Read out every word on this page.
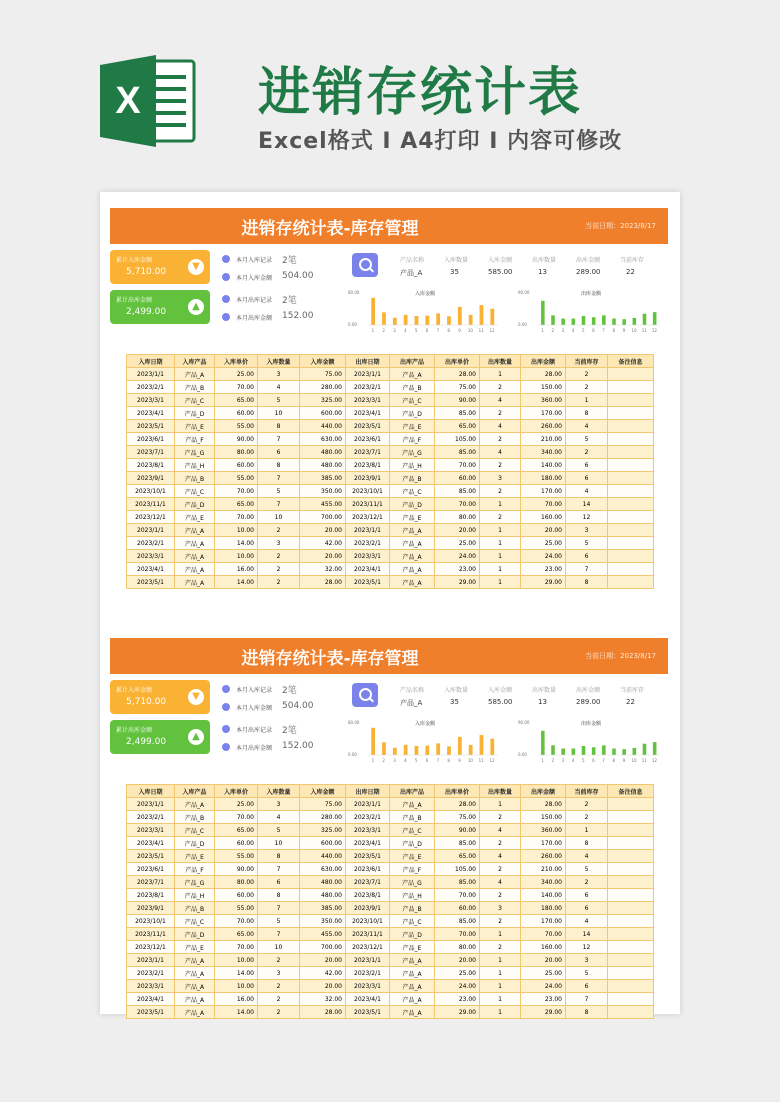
X 进销存统计表
Excel格式 I A4打印 I 内容可修改
进销存统计表-库存管理	当前日期：2023/8/17
累计入库金额
5,710.00	▼
累计出库金额
2,499.00	▲
本月入库记录 2笔
本月入库金额 504.00
本月出库记录 2笔
本月出库金额 152.00
产品名称	入库数量	入库金额	出库数量	出库金额	当前库存
产品_A	35	585.00	13	289.00	22
入库金额
80.00
0.00
1 2 3 4 5 6 7 8 9 10 11 12
出库金额
90.00
0.00
1 2 3 4 5 6 7 8 9 10 11 12
入库日期	入库产品	入库单价	入库数量	入库金额	出库日期	出库产品	出库单价	出库数量	出库金额	当前库存	备注信息
2023/1/1	产品_A	25.00	3	75.00	2023/1/1	产品_A	28.00	1	28.00	2	
2023/2/1	产品_B	70.00	4	280.00	2023/2/1	产品_B	75.00	2	150.00	2	
2023/3/1	产品_C	65.00	5	325.00	2023/3/1	产品_C	90.00	4	360.00	1	
2023/4/1	产品_D	60.00	10	600.00	2023/4/1	产品_D	85.00	2	170.00	8	
2023/5/1	产品_E	55.00	8	440.00	2023/5/1	产品_E	65.00	4	260.00	4	
2023/6/1	产品_F	90.00	7	630.00	2023/6/1	产品_F	105.00	2	210.00	5	
2023/7/1	产品_G	80.00	6	480.00	2023/7/1	产品_G	85.00	4	340.00	2	
2023/8/1	产品_H	60.00	8	480.00	2023/8/1	产品_H	70.00	2	140.00	6	
2023/9/1	产品_B	55.00	7	385.00	2023/9/1	产品_B	60.00	3	180.00	6	
2023/10/1	产品_C	70.00	5	350.00	2023/10/1	产品_C	85.00	2	170.00	4	
2023/11/1	产品_D	65.00	7	455.00	2023/11/1	产品_D	70.00	1	70.00	14	
2023/12/1	产品_E	70.00	10	700.00	2023/12/1	产品_E	80.00	2	160.00	12	
2023/1/1	产品_A	10.00	2	20.00	2023/1/1	产品_A	20.00	1	20.00	3	
2023/2/1	产品_A	14.00	3	42.00	2023/2/1	产品_A	25.00	1	25.00	5	
2023/3/1	产品_A	10.00	2	20.00	2023/3/1	产品_A	24.00	1	24.00	6	
2023/4/1	产品_A	16.00	2	32.00	2023/4/1	产品_A	23.00	1	23.00	7	
2023/5/1	产品_A	14.00	2	28.00	2023/5/1	产品_A	29.00	1	29.00	8	
进销存统计表-库存管理	当前日期：2023/8/17
累计入库金额
5,710.00	▼
累计出库金额
2,499.00	▲
本月入库记录 2笔
本月入库金额 504.00
本月出库记录 2笔
本月出库金额 152.00
产品名称	入库数量	入库金额	出库数量	出库金额	当前库存
产品_A	35	585.00	13	289.00	22
入库金额
80.00
0.00
1 2 3 4 5 6 7 8 9 10 11 12
出库金额
90.00
0.00
1 2 3 4 5 6 7 8 9 10 11 12
入库日期	入库产品	入库单价	入库数量	入库金额	出库日期	出库产品	出库单价	出库数量	出库金额	当前库存	备注信息
2023/1/1	产品_A	25.00	3	75.00	2023/1/1	产品_A	28.00	1	28.00	2	
2023/2/1	产品_B	70.00	4	280.00	2023/2/1	产品_B	75.00	2	150.00	2	
2023/3/1	产品_C	65.00	5	325.00	2023/3/1	产品_C	90.00	4	360.00	1	
2023/4/1	产品_D	60.00	10	600.00	2023/4/1	产品_D	85.00	2	170.00	8	
2023/5/1	产品_E	55.00	8	440.00	2023/5/1	产品_E	65.00	4	260.00	4	
2023/6/1	产品_F	90.00	7	630.00	2023/6/1	产品_F	105.00	2	210.00	5	
2023/7/1	产品_G	80.00	6	480.00	2023/7/1	产品_G	85.00	4	340.00	2	
2023/8/1	产品_H	60.00	8	480.00	2023/8/1	产品_H	70.00	2	140.00	6	
2023/9/1	产品_B	55.00	7	385.00	2023/9/1	产品_B	60.00	3	180.00	6	
2023/10/1	产品_C	70.00	5	350.00	2023/10/1	产品_C	85.00	2	170.00	4	
2023/11/1	产品_D	65.00	7	455.00	2023/11/1	产品_D	70.00	1	70.00	14	
2023/12/1	产品_E	70.00	10	700.00	2023/12/1	产品_E	80.00	2	160.00	12	
2023/1/1	产品_A	10.00	2	20.00	2023/1/1	产品_A	20.00	1	20.00	3	
2023/2/1	产品_A	14.00	3	42.00	2023/2/1	产品_A	25.00	1	25.00	5	
2023/3/1	产品_A	10.00	2	20.00	2023/3/1	产品_A	24.00	1	24.00	6	
2023/4/1	产品_A	16.00	2	32.00	2023/4/1	产品_A	23.00	1	23.00	7	
2023/5/1	产品_A	14.00	2	28.00	2023/5/1	产品_A	29.00	1	29.00	8	
